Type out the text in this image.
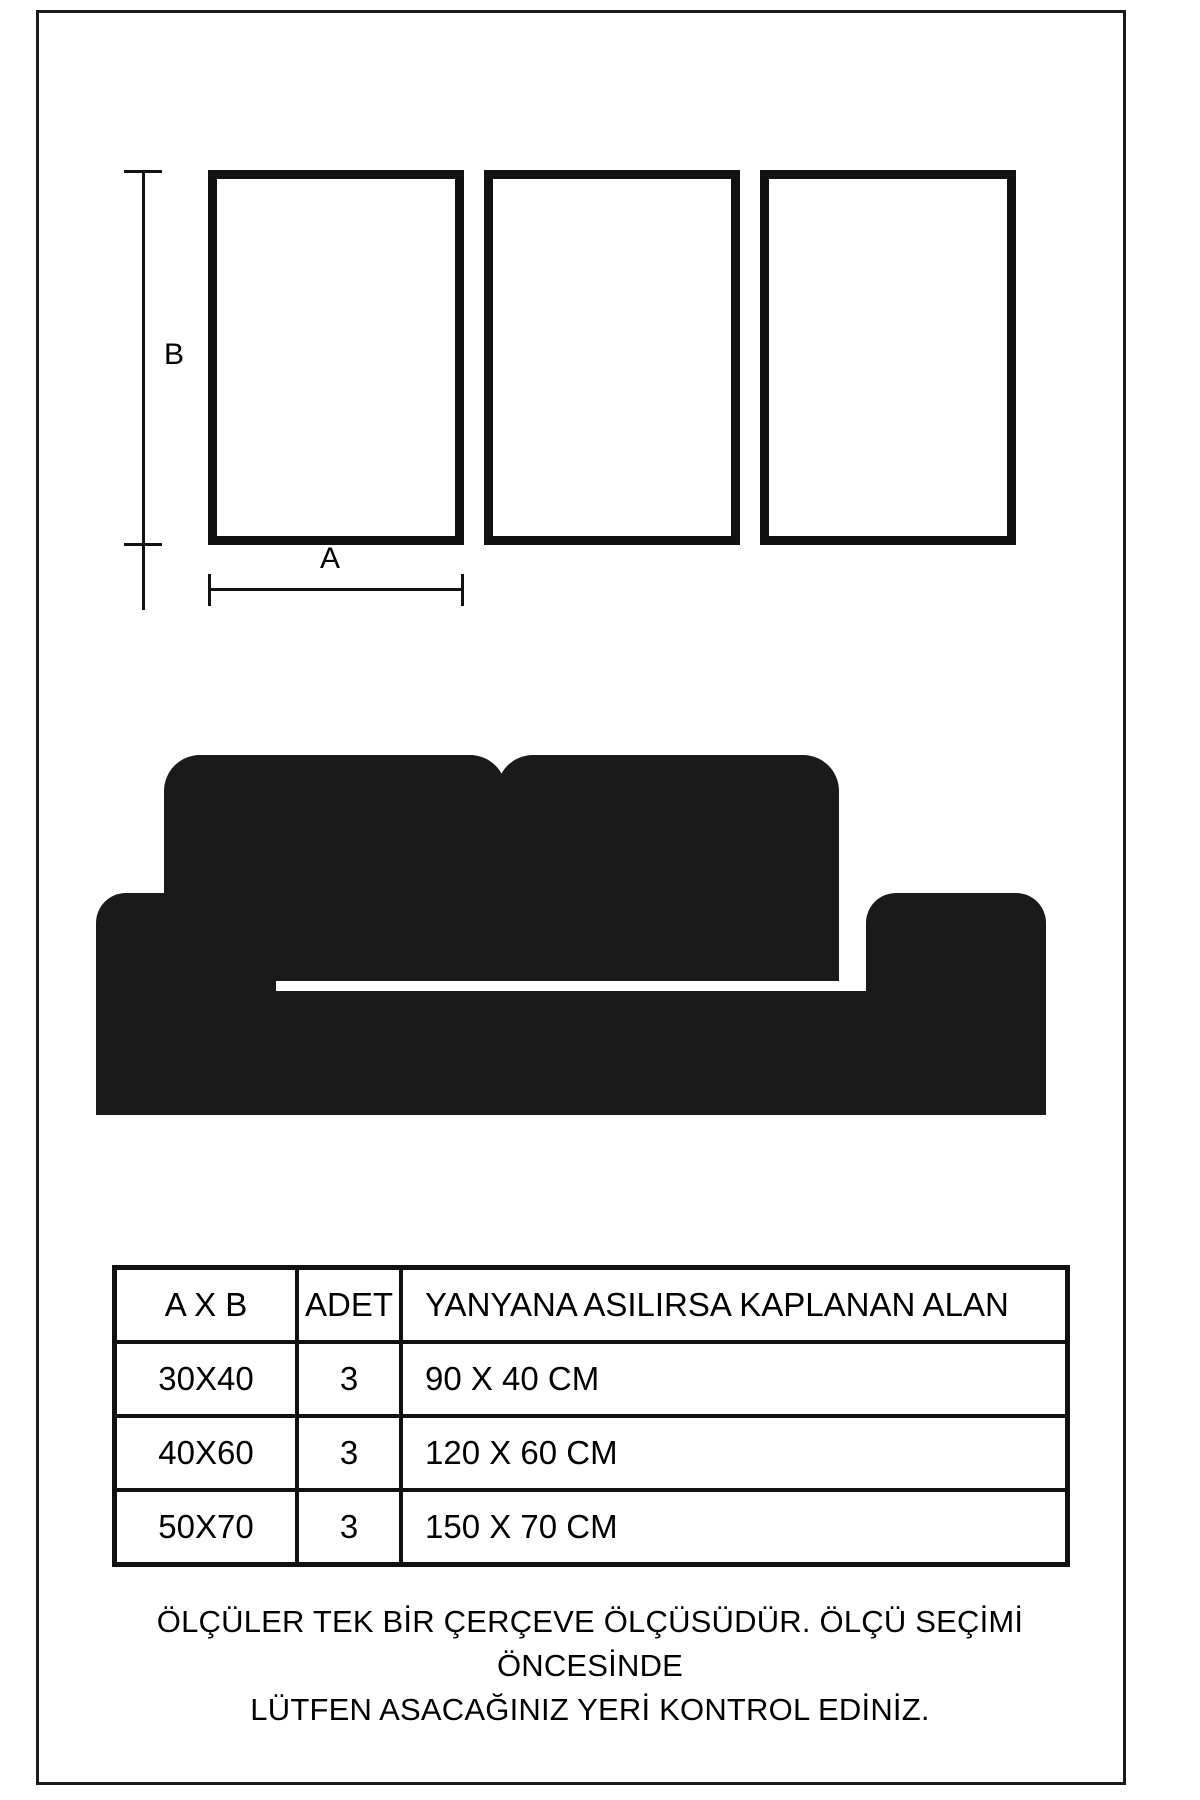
B
A
A X B	ADET	YANYANA ASILIRSA KAPLANAN ALAN
30X40	3	90 X 40 CM
40X60	3	120 X 60 CM
50X70	3	150 X 70 CM
ÖLÇÜLER TEK BİR ÇERÇEVE ÖLÇÜSÜDÜR. ÖLÇÜ SEÇİMİ ÖNCESİNDE
LÜTFEN ASACAĞINIZ YERİ KONTROL EDİNİZ.
